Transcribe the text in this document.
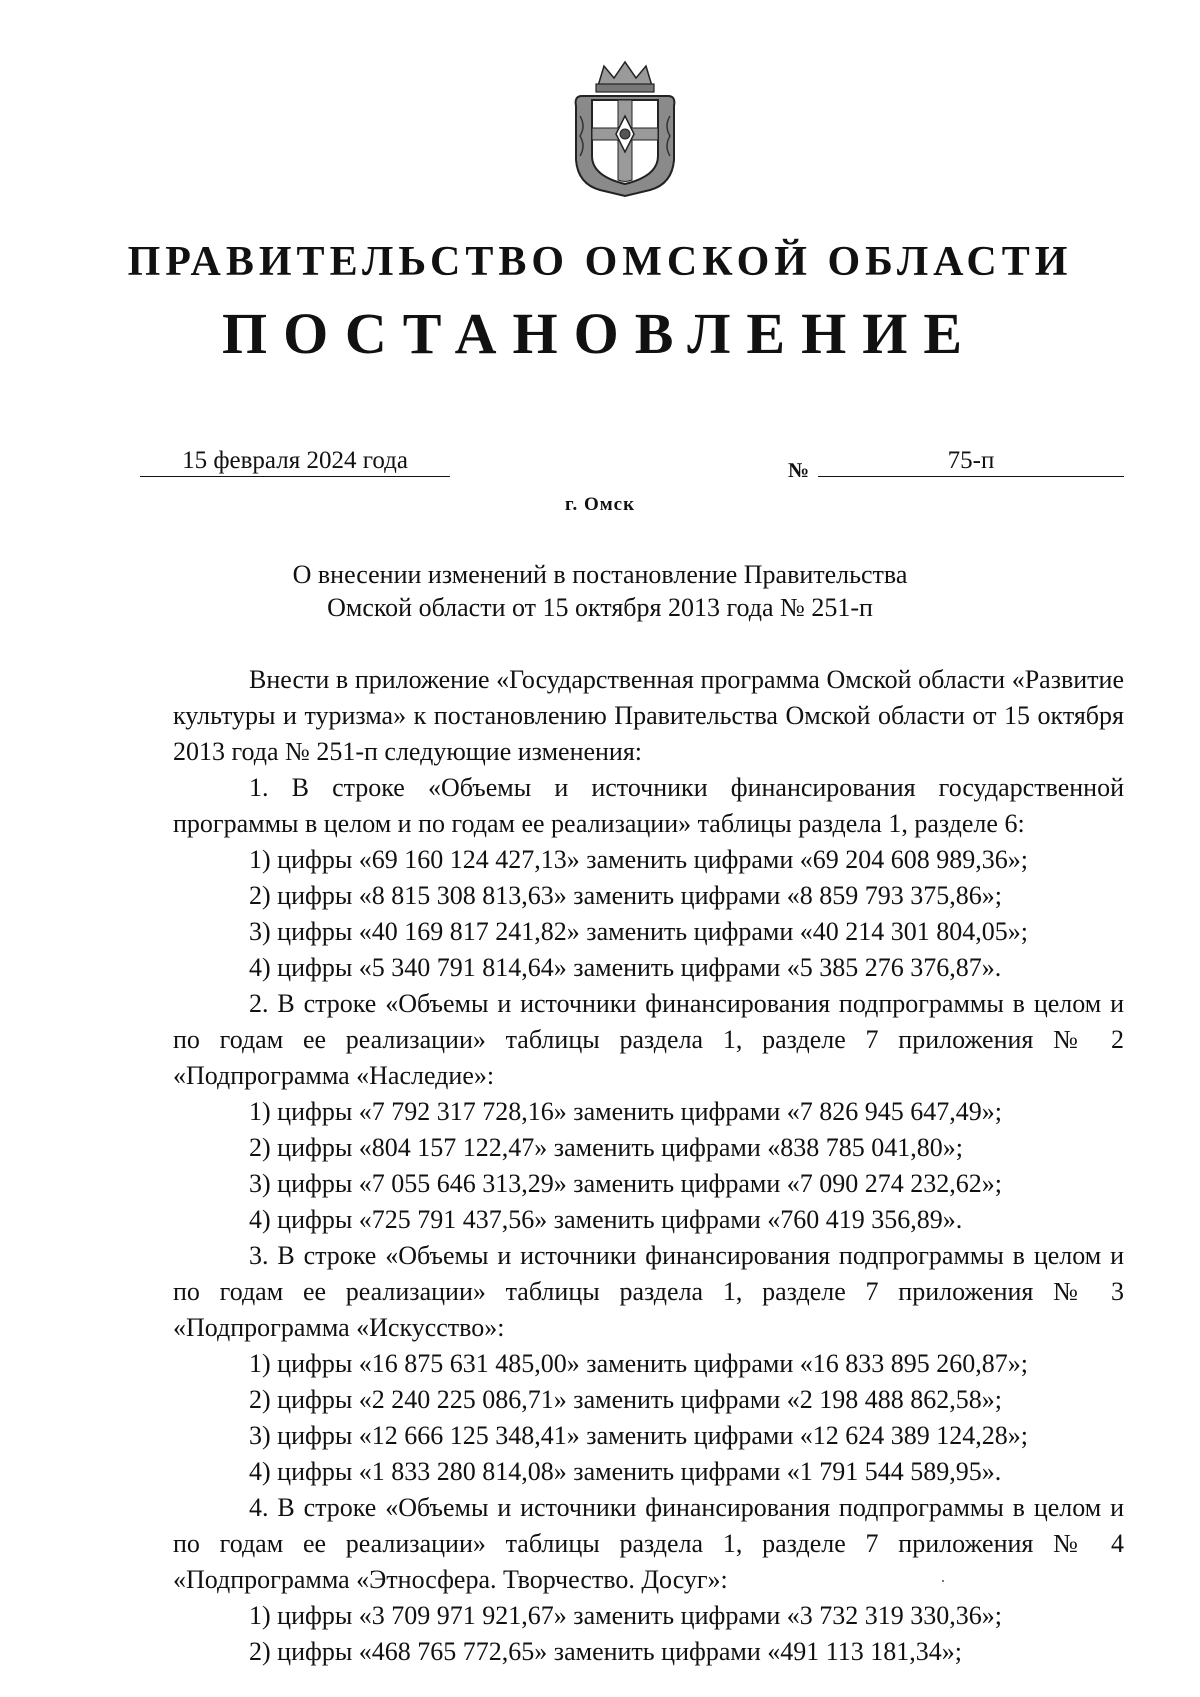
ПРАВИТЕЛЬСТВО ОМСКОЙ ОБЛАСТИ
ПОСТАНОВЛЕНИЕ
15 февраля 2024 года	№	75-п
г. Омск
О внесении изменений в постановление Правительства
Омской области от 15 октября 2013 года № 251-п

Внести в приложение «Государственная программа Омской области «Развитие культуры и туризма» к постановлению Правительства Омской области от 15 октября 2013 года № 251-п следующие изменения:

1. В строке «Объемы и источники финансирования государственной программы в целом и по годам ее реализации» таблицы раздела 1, разделе 6:

1) цифры «69 160 124 427,13» заменить цифрами «69 204 608 989,36»;

2) цифры «8 815 308 813,63» заменить цифрами «8 859 793 375,86»;

3) цифры «40 169 817 241,82» заменить цифрами «40 214 301 804,05»;

4) цифры «5 340 791 814,64» заменить цифрами «5 385 276 376,87».

2. В строке «Объемы и источники финансирования подпрограммы в целом и по годам ее реализации» таблицы раздела 1, разделе 7 приложения № 2 «Подпрограмма «Наследие»:

1) цифры «7 792 317 728,16» заменить цифрами «7 826 945 647,49»;

2) цифры «804 157 122,47» заменить цифрами «838 785 041,80»;

3) цифры «7 055 646 313,29» заменить цифрами «7 090 274 232,62»;

4) цифры «725 791 437,56» заменить цифрами «760 419 356,89».

3. В строке «Объемы и источники финансирования подпрограммы в целом и по годам ее реализации» таблицы раздела 1, разделе 7 приложения № 3 «Подпрограмма «Искусство»:

1) цифры «16 875 631 485,00» заменить цифрами «16 833 895 260,87»;

2) цифры «2 240 225 086,71» заменить цифрами «2 198 488 862,58»;

3) цифры «12 666 125 348,41» заменить цифрами «12 624 389 124,28»;

4) цифры «1 833 280 814,08» заменить цифрами «1 791 544 589,95».

4. В строке «Объемы и источники финансирования подпрограммы в целом и по годам ее реализации» таблицы раздела 1, разделе 7 приложения № 4 «Подпрограмма «Этносфера. Творчество. Досуг»:

1) цифры «3 709 971 921,67» заменить цифрами «3 732 319 330,36»;

2) цифры «468 765 772,65» заменить цифрами «491 113 181,34»;
